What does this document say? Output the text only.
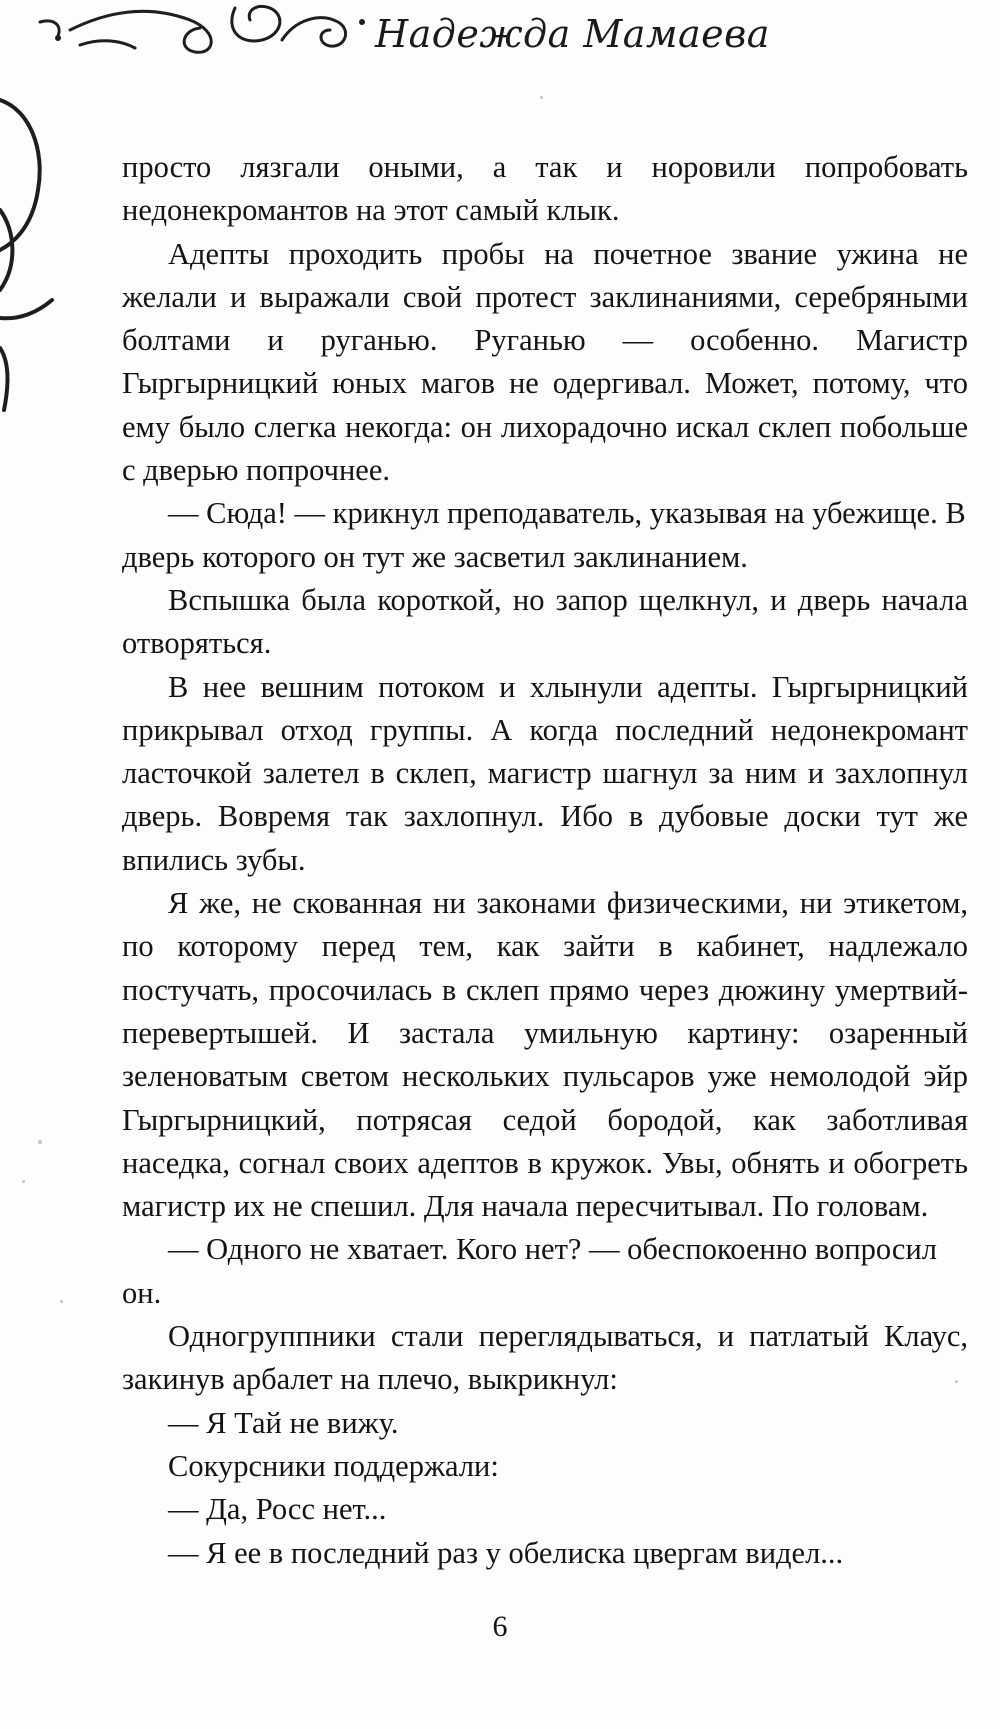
Надежда Мамаева

просто лязгали оными, а так и норовили попробовать недонекромантов на этот самый клык.

Адепты проходить пробы на почетное звание ужина не желали и выражали свой протест заклинаниями, серебряными болтами и руганью. Руганью — особенно. Магистр Гыргырницкий юных магов не одергивал. Может, потому, что ему было слегка некогда: он лихорадочно искал склеп побольше с дверью попрочнее.

— Сюда! — крикнул преподаватель, указывая на убежище. В дверь которого он тут же засветил заклинанием.

Вспышка была короткой, но запор щелкнул, и дверь начала отворяться.

В нее вешним потоком и хлынули адепты. Гыргырницкий прикрывал отход группы. А когда последний недонекромант ласточкой залетел в склеп, магистр шагнул за ним и захлопнул дверь. Вовремя так захлопнул. Ибо в дубовые доски тут же впились зубы.

Я же, не скованная ни законами физическими, ни этикетом, по которому перед тем, как зайти в кабинет, надлежало постучать, просочилась в склеп прямо через дюжину умертвий-перевертышей. И застала умильную картину: озаренный зеленоватым светом нескольких пульсаров уже немолодой эйр Гыргырницкий, потрясая седой бородой, как заботливая наседка, согнал своих адептов в кружок. Увы, обнять и обогреть магистр их не спешил. Для начала пересчитывал. По головам.

— Одного не хватает. Кого нет? — обеспокоенно вопросил он.

Одногруппники стали переглядываться, и патлатый Клаус, закинув арбалет на плечо, выкрикнул:

— Я Тай не вижу.

Сокурсники поддержали:

— Да, Росс нет...

— Я ее в последний раз у обелиска цвергам видел...

6
